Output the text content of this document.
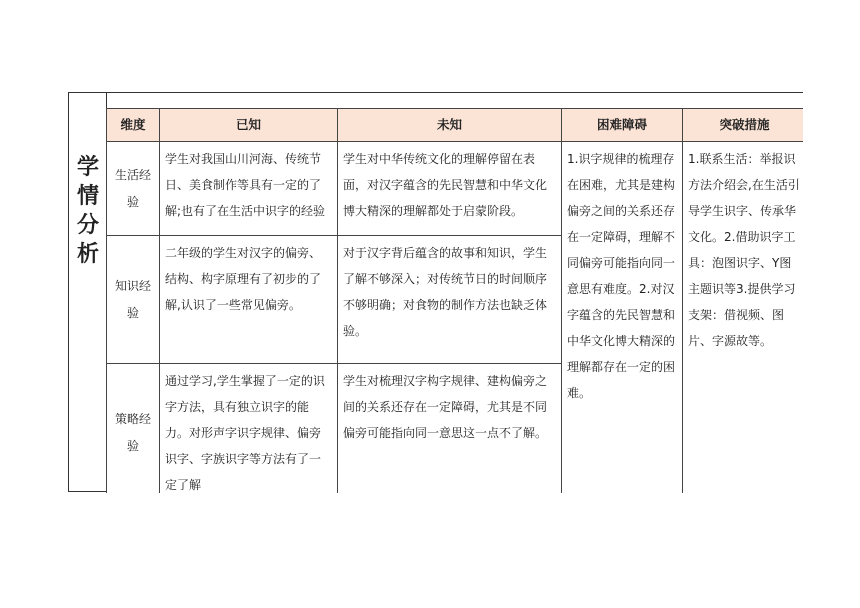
学
情
分
析
维度	已知	未知	困难障碍	突破措施
生活经验	学生对我国山川河海、传统节日、美食制作等具有一定的了解;也有了在生活中识字的经验	学生对中华传统文化的理解停留在表面，对汉字蕴含的先民智慧和中华文化博大精深的理解都处于启蒙阶段。	1.识字规律的梳理存在困难，尤其是建构偏旁之间的关系还存在一定障碍，理解不同偏旁可能指向同一意思有难度。2.对汉字蕴含的先民智慧和中华文化博大精深的理解都存在一定的困难。	1.联系生活：举报识方法介绍会,在生活引导学生识字、传承华文化。2.借助识字工具：泡图识字、Y图主题识等3.提供学习支架：借视频、图片、字源故等。
知识经验	二年级的学生对汉字的偏旁、结构、构字原理有了初步的了解,认识了一些常见偏旁。	对于汉字背后蕴含的故事和知识，学生了解不够深入；对传统节日的时间顺序不够明确；对食物的制作方法也缺乏体验。		
策略经验	通过学习,学生掌握了一定的识字方法，具有独立识字的能力。对形声字识字规律、偏旁识字、字族识字等方法有了一定了解	学生对梳理汉字构字规律、建构偏旁之间的关系还存在一定障碍，尤其是不同偏旁可能指向同一意思这一点不了解。		
